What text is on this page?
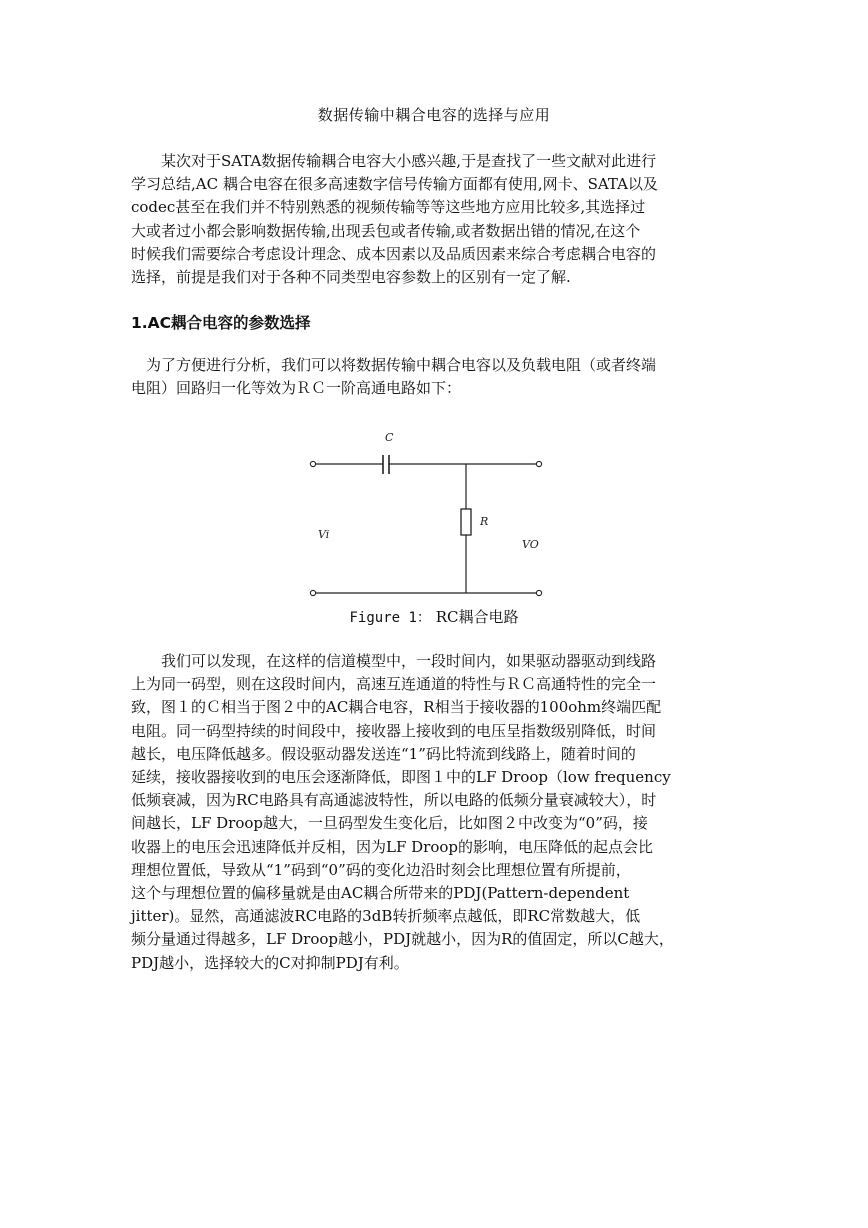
数据传输中耦合电容的选择与应用
　　某次对于SATA数据传输耦合电容大小感兴趣,于是查找了一些文献对此进行
学习总结,AC 耦合电容在很多高速数字信号传输方面都有使用,网卡、SATA以及
codec甚至在我们并不特别熟悉的视频传输等等这些地方应用比较多,其选择过
大或者过小都会影响数据传输,出现丢包或者传输,或者数据出错的情况,在这个
时候我们需要综合考虑设计理念、成本因素以及品质因素来综合考虑耦合电容的
选择，前提是我们对于各种不同类型电容参数上的区别有一定了解.
1.AC耦合电容的参数选择
　为了方便进行分析，我们可以将数据传输中耦合电容以及负载电阻（或者终端
电阻）回路归一化等效为ＲＣ一阶高通电路如下：
C
R
Vi
VO
Figure 1： RC耦合电路
　　我们可以发现，在这样的信道模型中，一段时间内，如果驱动器驱动到线路
上为同一码型，则在这段时间内，高速互连通道的特性与ＲＣ高通特性的完全一
致，图１的Ｃ相当于图２中的AC耦合电容，R相当于接收器的100ohm终端匹配
电阻。同一码型持续的时间段中，接收器上接收到的电压呈指数级别降低，时间
越长，电压降低越多。假设驱动器发送连“1”码比特流到线路上，随着时间的
延续，接收器接收到的电压会逐渐降低，即图１中的LF Droop（low frequency
低频衰减，因为RC电路具有高通滤波特性，所以电路的低频分量衰减较大），时
间越长，LF Droop越大，一旦码型发生变化后，比如图２中改变为“0”码，接
收器上的电压会迅速降低并反相，因为LF Droop的影响，电压降低的起点会比
理想位置低，导致从“1”码到“0”码的变化边沿时刻会比理想位置有所提前，
这个与理想位置的偏移量就是由AC耦合所带来的PDJ(Pattern-dependent
jitter)。显然，高通滤波RC电路的3dB转折频率点越低，即RC常数越大，低
频分量通过得越多，LF Droop越小，PDJ就越小，因为R的值固定，所以C越大，
PDJ越小，选择较大的C对抑制PDJ有利。
